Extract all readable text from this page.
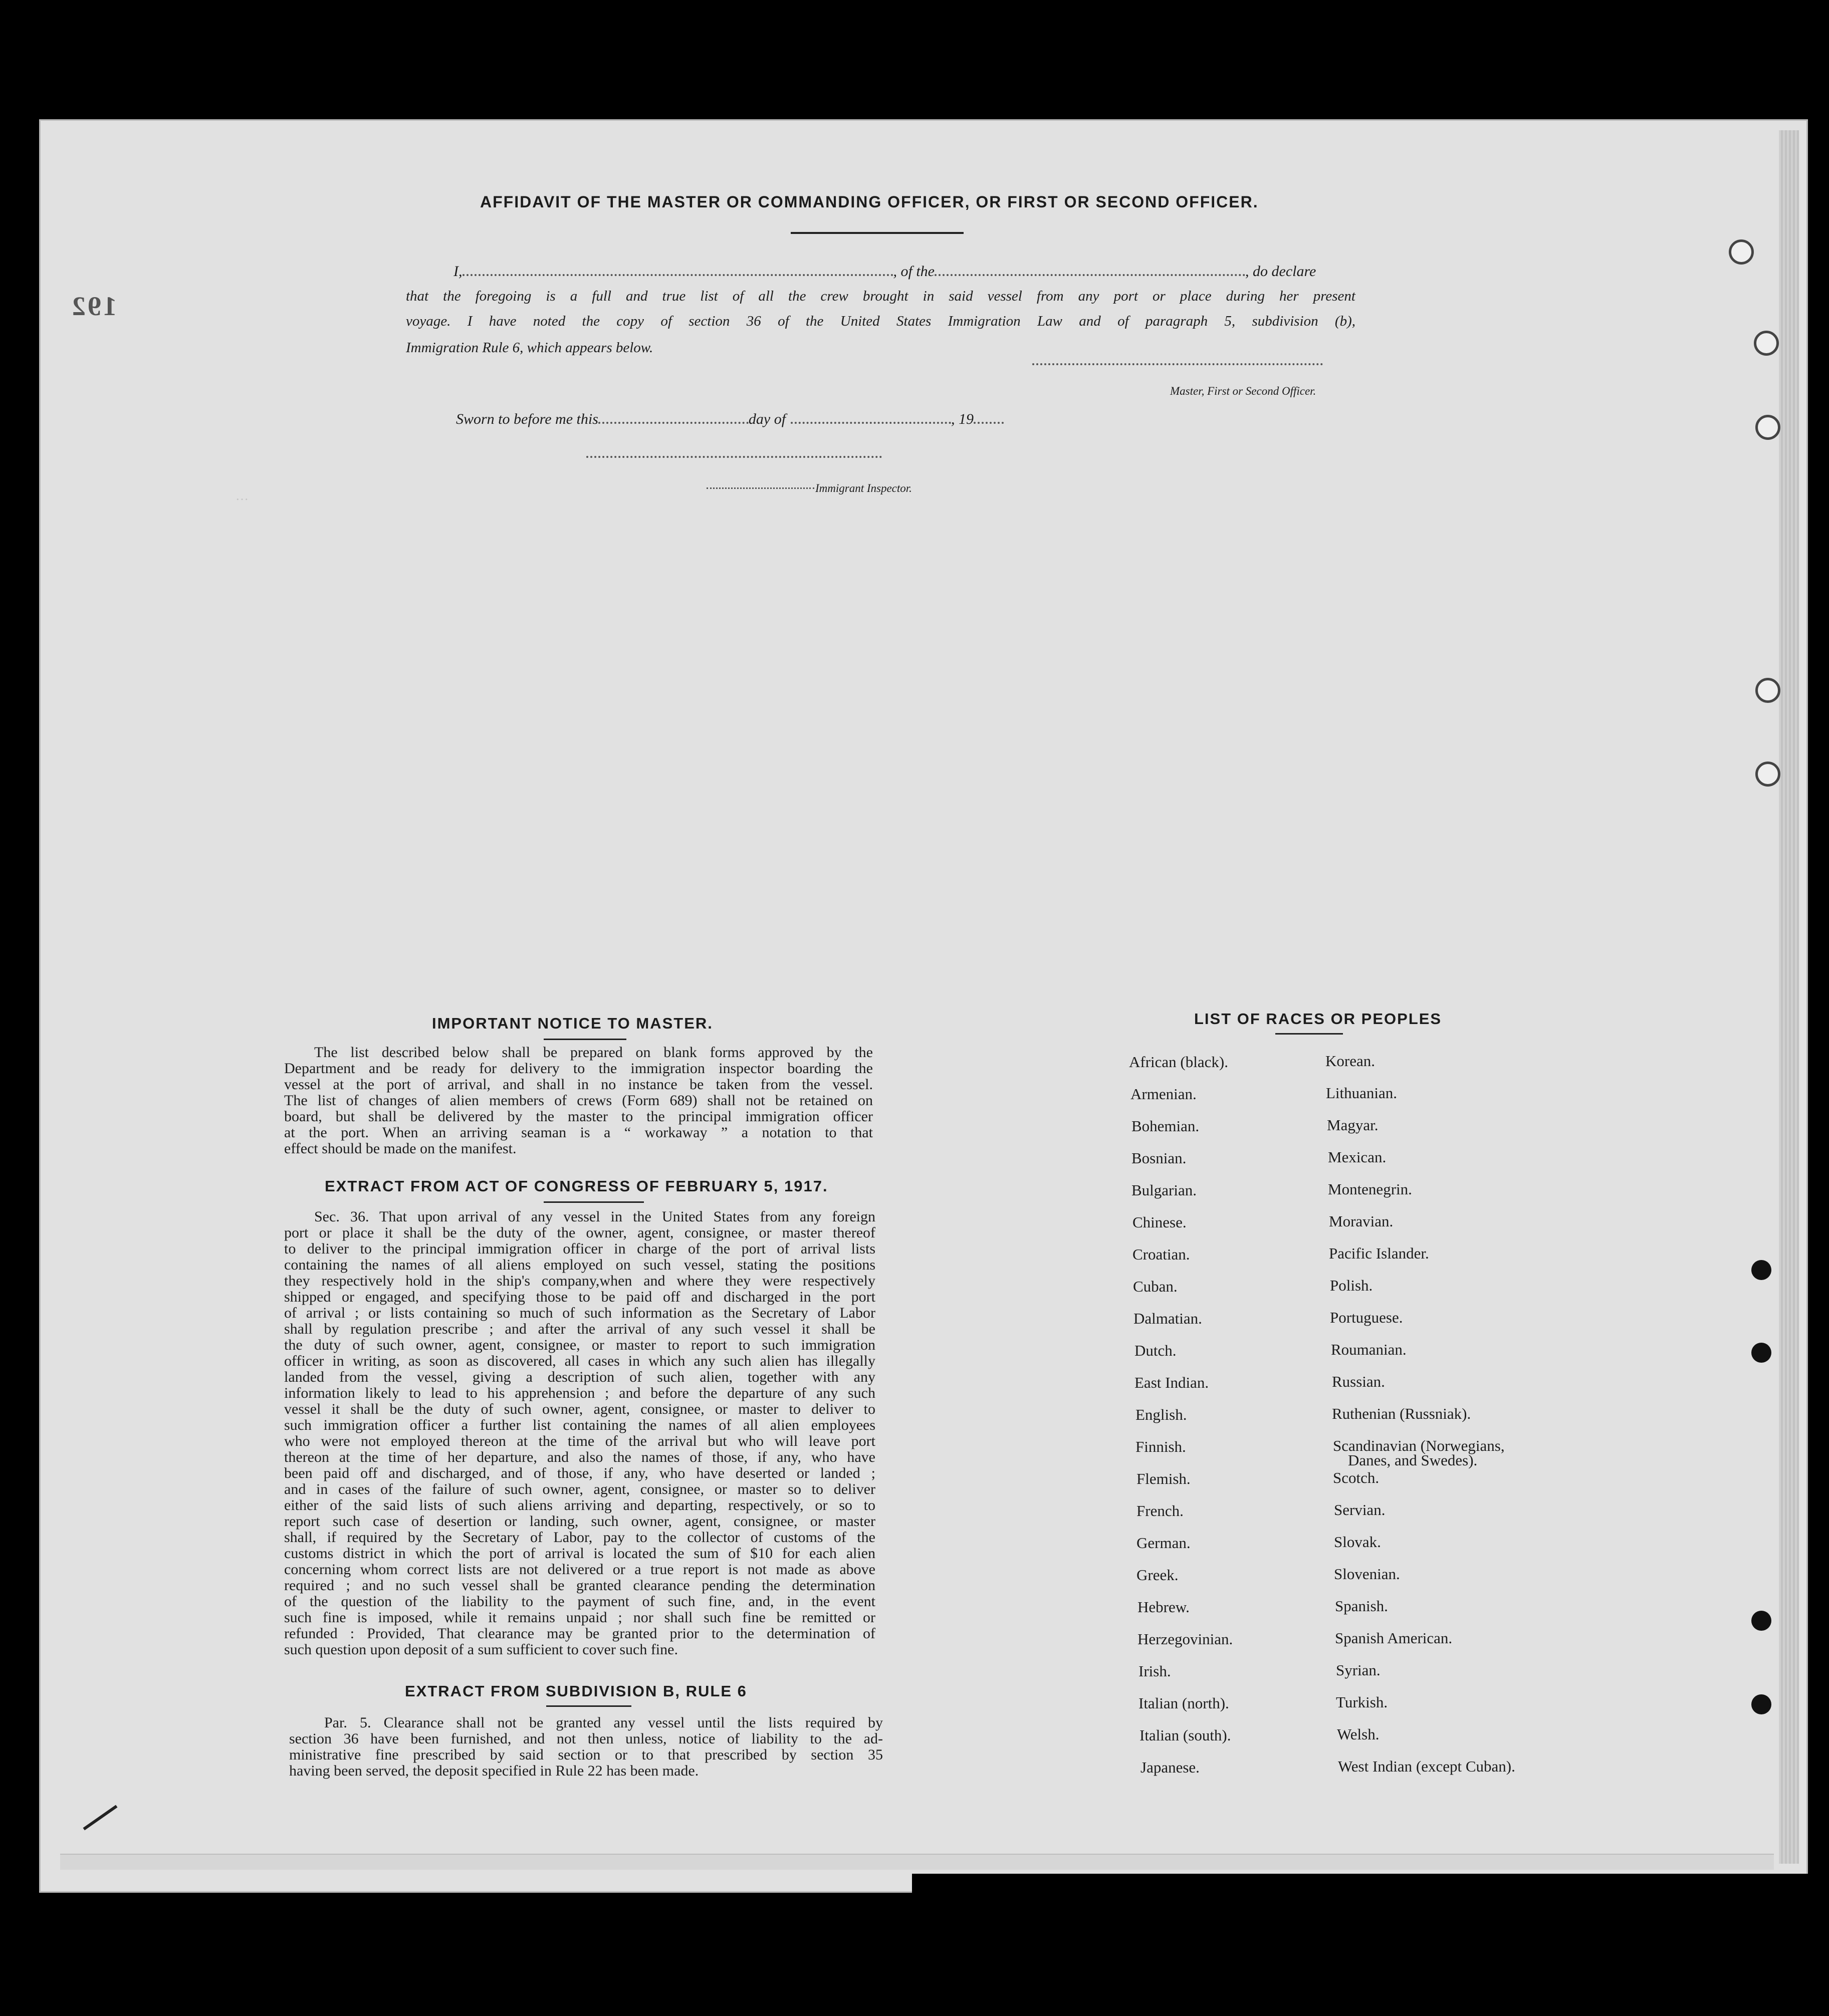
192
…
AFFIDAVIT OF THE MASTER OR COMMANDING OFFICER, OR FIRST OR SECOND OFFICER.
I,	, of the	, do declare
that the foregoing is a full and true list of all the crew brought in said vessel from any port or place during her present
voyage. I have noted the copy of section 36 of the United States Immigration Law and of paragraph 5, subdivision (b),
Immigration Rule 6, which appears below.
Master, First or Second Officer.
Sworn to before me this	day of	, 19
Immigrant Inspector.
IMPORTANT NOTICE TO MASTER.
The list described below shall be prepared on blank forms approved by the
Department and be ready for delivery to the immigration inspector boarding the
vessel at the port of arrival, and shall in no instance be taken from the vessel.
The list of changes of alien members of crews (Form 689) shall not be retained on
board, but shall be delivered by the master to the principal immigration officer
at the port. When an arriving seaman is a “ workaway ” a notation to that
effect should be made on the manifest.
EXTRACT FROM ACT OF CONGRESS OF FEBRUARY 5, 1917.
Sec. 36. That upon arrival of any vessel in the United States from any foreign
port or place it shall be the duty of the owner, agent, consignee, or master thereof
to deliver to the principal immigration officer in charge of the port of arrival lists
containing the names of all aliens employed on such vessel, stating the positions
they respectively hold in the ship's company,when and where they were respectively
shipped or engaged, and specifying those to be paid off and discharged in the port
of arrival ; or lists containing so much of such information as the Secretary of Labor
shall by regulation prescribe ; and after the arrival of any such vessel it shall be
the duty of such owner, agent, consignee, or master to report to such immigration
officer in writing, as soon as discovered, all cases in which any such alien has illegally
landed from the vessel, giving a description of such alien, together with any
information likely to lead to his apprehension ; and before the departure of any such
vessel it shall be the duty of such owner, agent, consignee, or master to deliver to
such immigration officer a further list containing the names of all alien employees
who were not employed thereon at the time of the arrival but who will leave port
thereon at the time of her departure, and also the names of those, if any, who have
been paid off and discharged, and of those, if any, who have deserted or landed ;
and in cases of the failure of such owner, agent, consignee, or master so to deliver
either of the said lists of such aliens arriving and departing, respectively, or so to
report such case of desertion or landing, such owner, agent, consignee, or master
shall, if required by the Secretary of Labor, pay to the collector of customs of the
customs district in which the port of arrival is located the sum of $10 for each alien
concerning whom correct lists are not delivered or a true report is not made as above
required ; and no such vessel shall be granted clearance pending the determination
of the question of the liability to the payment of such fine, and, in the event
such fine is imposed, while it remains unpaid ; nor shall such fine be remitted or
refunded : Provided, That clearance may be granted prior to the determination of
such question upon deposit of a sum sufficient to cover such fine.
EXTRACT FROM SUBDIVISION B, RULE 6
Par. 5. Clearance shall not be granted any vessel until the lists required by
section 36 have been furnished, and not then unless, notice of liability to the ad-
ministrative fine prescribed by said section or to that prescribed by section 35
having been served, the deposit specified in Rule 22 has been made.
LIST OF RACES OR PEOPLES
African (black).
Armenian.
Bohemian.
Bosnian.
Bulgarian.
Chinese.
Croatian.
Cuban.
Dalmatian.
Dutch.
East Indian.
English.
Finnish.
Flemish.
French.
German.
Greek.
Hebrew.
Herzegovinian.
Irish.
Italian (north).
Italian (south).
Japanese.
Korean.
Lithuanian.
Magyar.
Mexican.
Montenegrin.
Moravian.
Pacific Islander.
Polish.
Portuguese.
Roumanian.
Russian.
Ruthenian (Russniak).
Scandinavian (Norwegians,
Danes, and Swedes).
Scotch.
Servian.
Slovak.
Slovenian.
Spanish.
Spanish American.
Syrian.
Turkish.
Welsh.
West Indian (except Cuban).
